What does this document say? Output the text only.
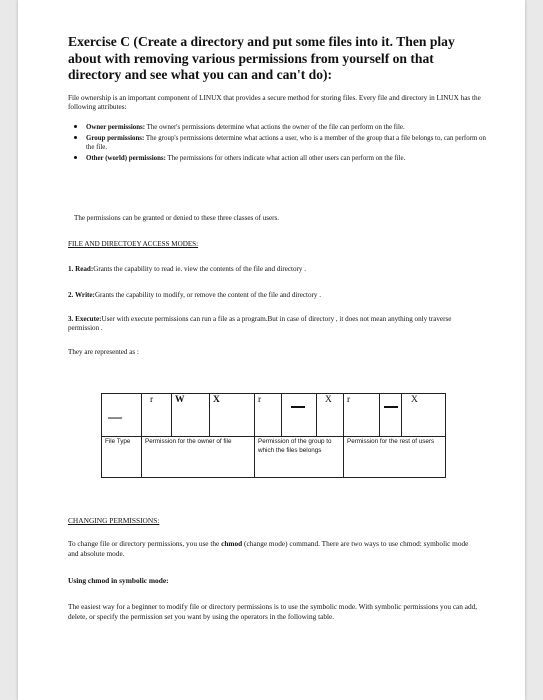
Exercise C (Create a directory and put some files into it. Then play about with removing various permissions from yourself on that directory and see what you can and can't do):

File ownership is an important component of LINUX that provides a secure method for storing files. Every file and directory in LINUX has the following attributes:

• Owner permissions: The owner's permissions determine what actions the owner of the file can perform on the file.
• Group permissions: The group's permissions determine what actions a user, who is a member of the group that a file belongs to, can perform on the file.
• Other (world) permissions: The permissions for others indicate what action all other users can perform on the file.

The permissions can be granted or denied to these three classes of users.

FILE AND DIRECTOEY ACCESS MODES:

1. Read:Grants the capability to read ie. view the contents of the file and directory .

2. Write:Grants the capability to modify, or remove the content of the file and directory .

3. Execute:User with execute permissions can run a file as a program.But in case of directory , it does not mean anything only traverse permission .

They are represented as :

—	r	W	X	r		X	r		X

File Type	Permission for the owner of file			Permission of the group to which the files belongs			Permission for the rest of users		

CHANGING PERMISSIONS:

To change file or directory permissions, you use the chmod (change mode) command. There are two ways to use chmod: symbolic mode and absolute mode.

Using chmod in symbolic mode:

The easiest way for a beginner to modify file or directory permissions is to use the symbolic mode. With symbolic permissions you can add, delete, or specify the permission set you want by using the operators in the following table.
